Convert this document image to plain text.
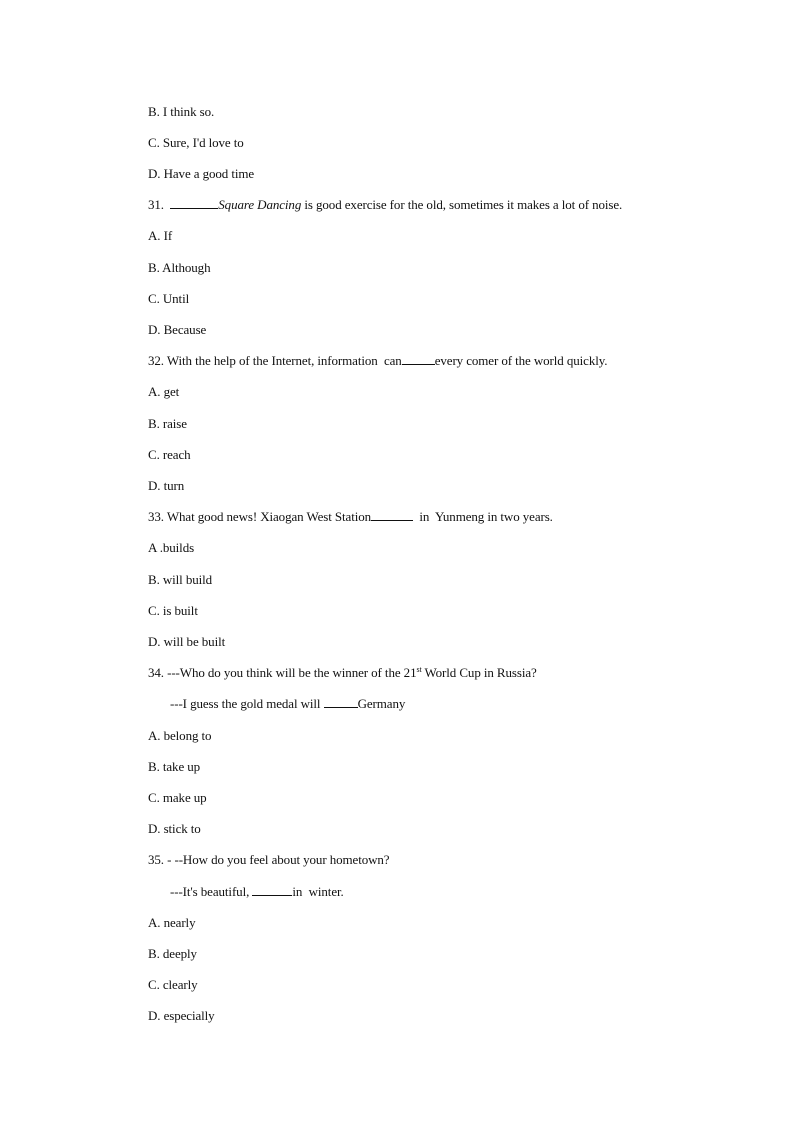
B. I think so.
C. Sure, I'd love to
D. Have a good time
31.	Square Dancing is good exercise for the old, sometimes it makes a lot of noise.
A. If
B. Although
C. Until
D. Because
32. With the help of the Internet, information  can	every comer of the world quickly.
A. get
B. raise
C. reach
D. turn
33. What good news! Xiaogan West Station	in  Yunmeng in two years.
A .builds
B. will build
C. is built
D. will be built
34. ---Who do you think will be the winner of the 21st World Cup in Russia?
---I guess the gold medal will	Germany
A. belong to
B. take up
C. make up
D. stick to
35. - --How do you feel about your hometown?
---It's beautiful,	in  winter.
A. nearly
B. deeply
C. clearly
D. especially
